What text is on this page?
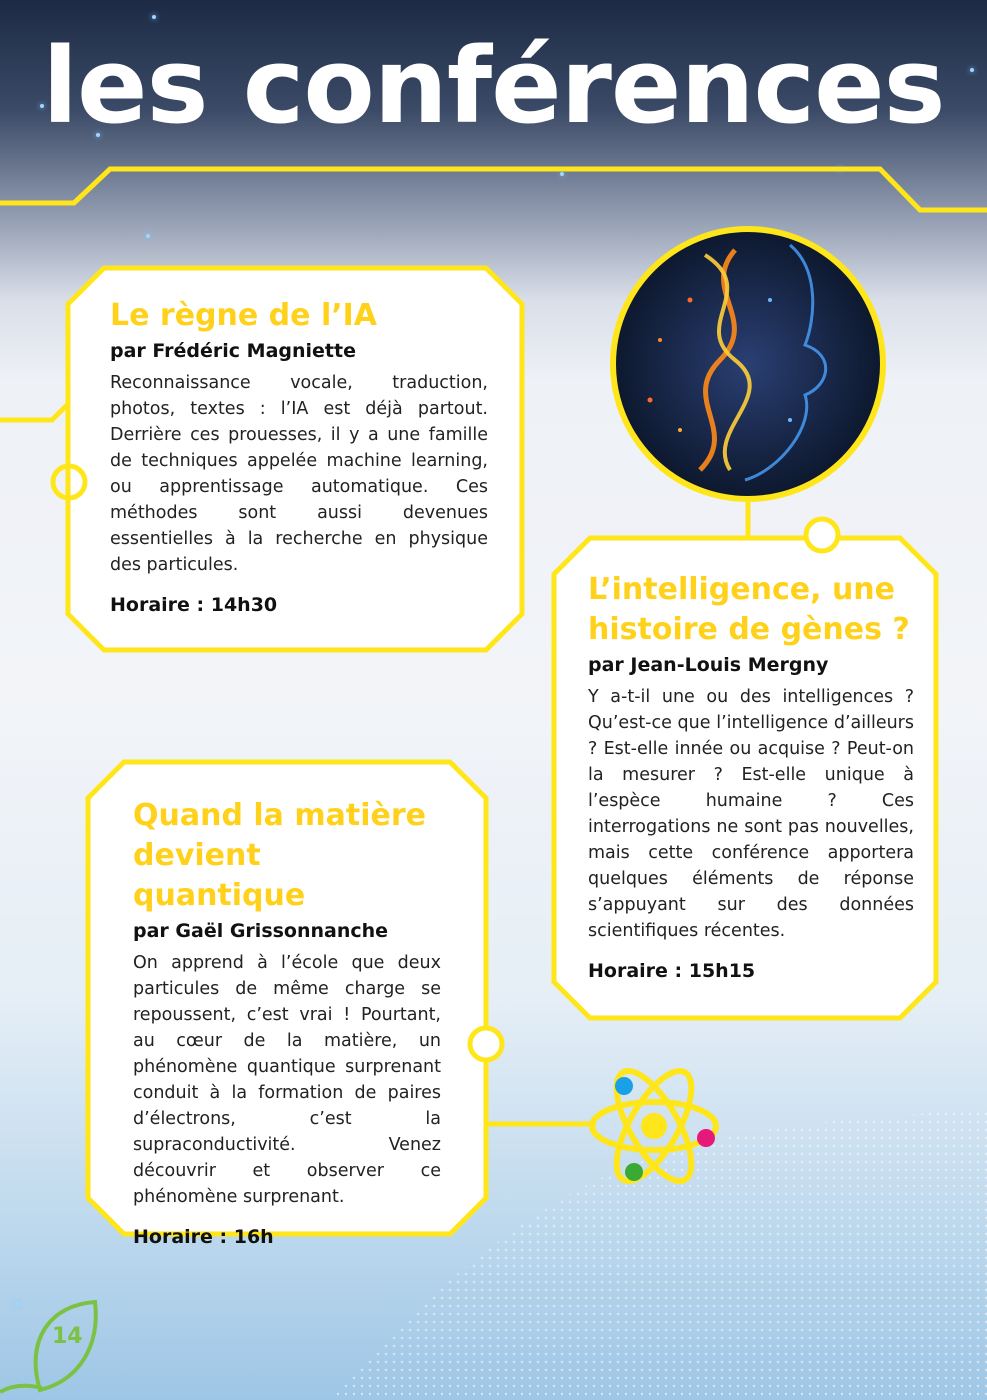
les conférences
14
Le règne de l’IA
par Frédéric Magniette

Reconnaissance vocale, traduction, photos, textes : l’IA est déjà partout. Derrière ces prouesses, il y a une famille de techniques appelée machine learning, ou apprentissage automatique. Ces méthodes sont aussi devenues essentielles à la recherche en physique des particules.

Horaire : 14h30	L’intelligence, une
histoire de gènes ?
par Jean-Louis Mergny

Y a-t-il une ou des intelligences ? Qu’est-ce que l’intelligence d’ailleurs ? Est-elle innée ou acquise ? Peut-on la mesurer ? Est-elle unique à l’espèce humaine ? Ces interrogations ne sont pas nouvelles, mais cette conférence apportera quelques éléments de réponse s’appuyant sur des données scientifiques récentes.

Horaire : 15h15
Quand la matière
devient quantique
par Gaël Grissonnanche

On apprend à l’école que deux particules de même charge se repoussent, c’est vrai ! Pourtant, au cœur de la matière, un phénomène quantique surprenant conduit à la formation de paires d’électrons, c’est la supraconductivité. Venez découvrir et observer ce phénomène surprenant.

Horaire : 16h
